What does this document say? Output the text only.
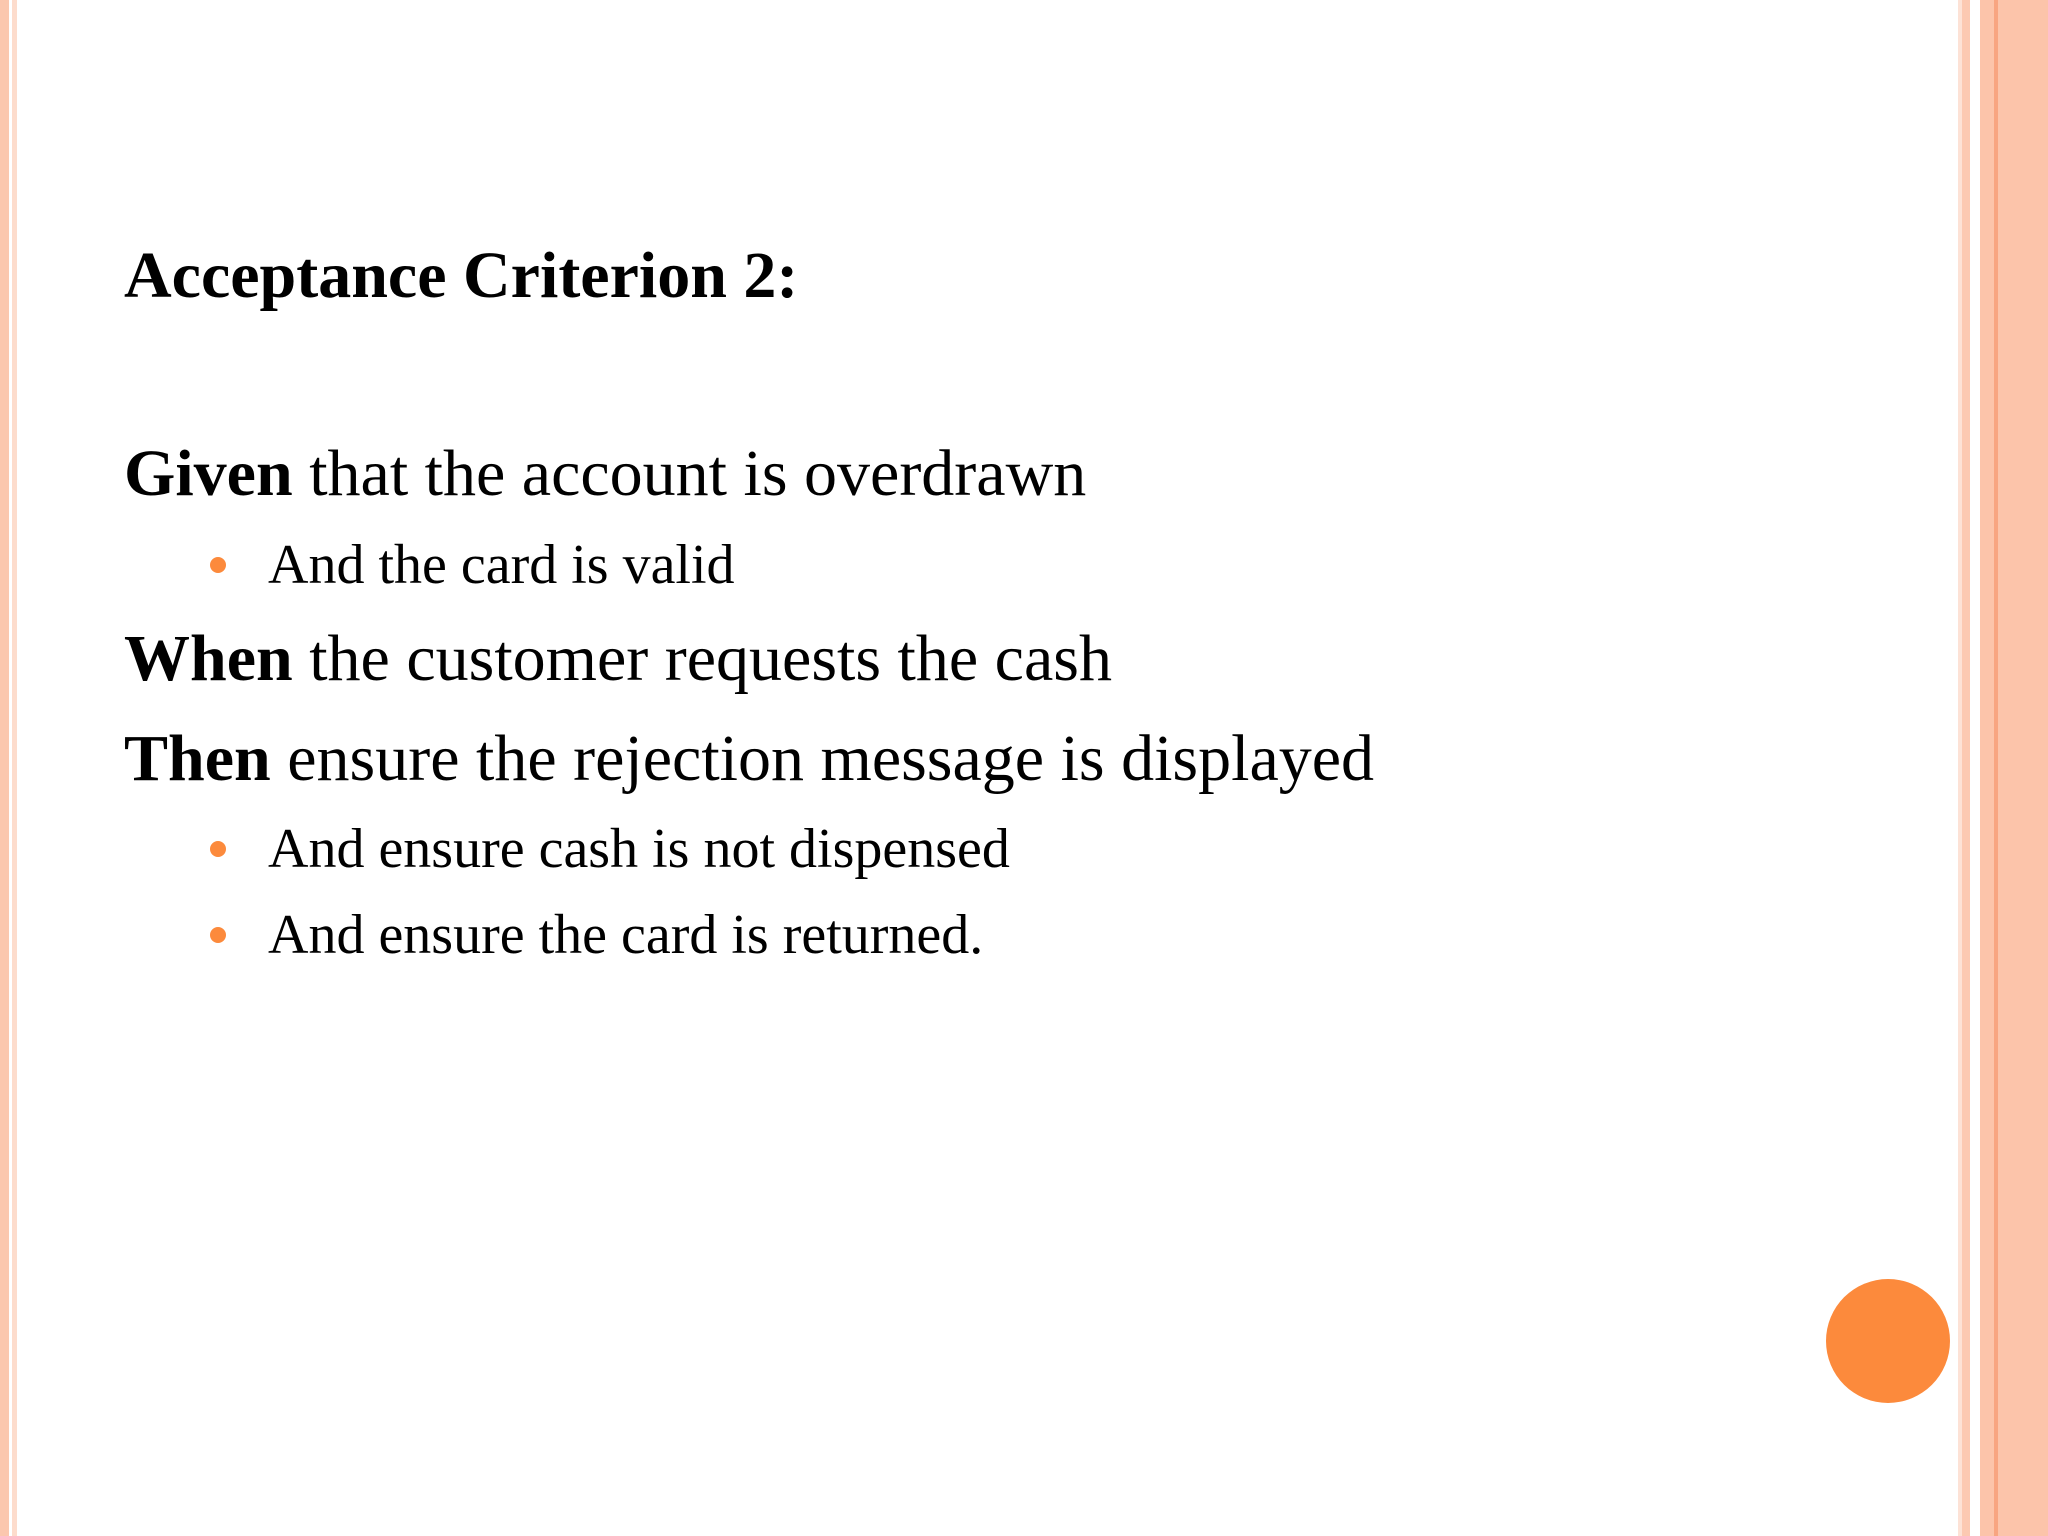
Acceptance Criterion 2:
Given that the account is overdrawn
And the card is valid
When the customer requests the cash
Then ensure the rejection message is displayed
And ensure cash is not dispensed
And ensure the card is returned.
